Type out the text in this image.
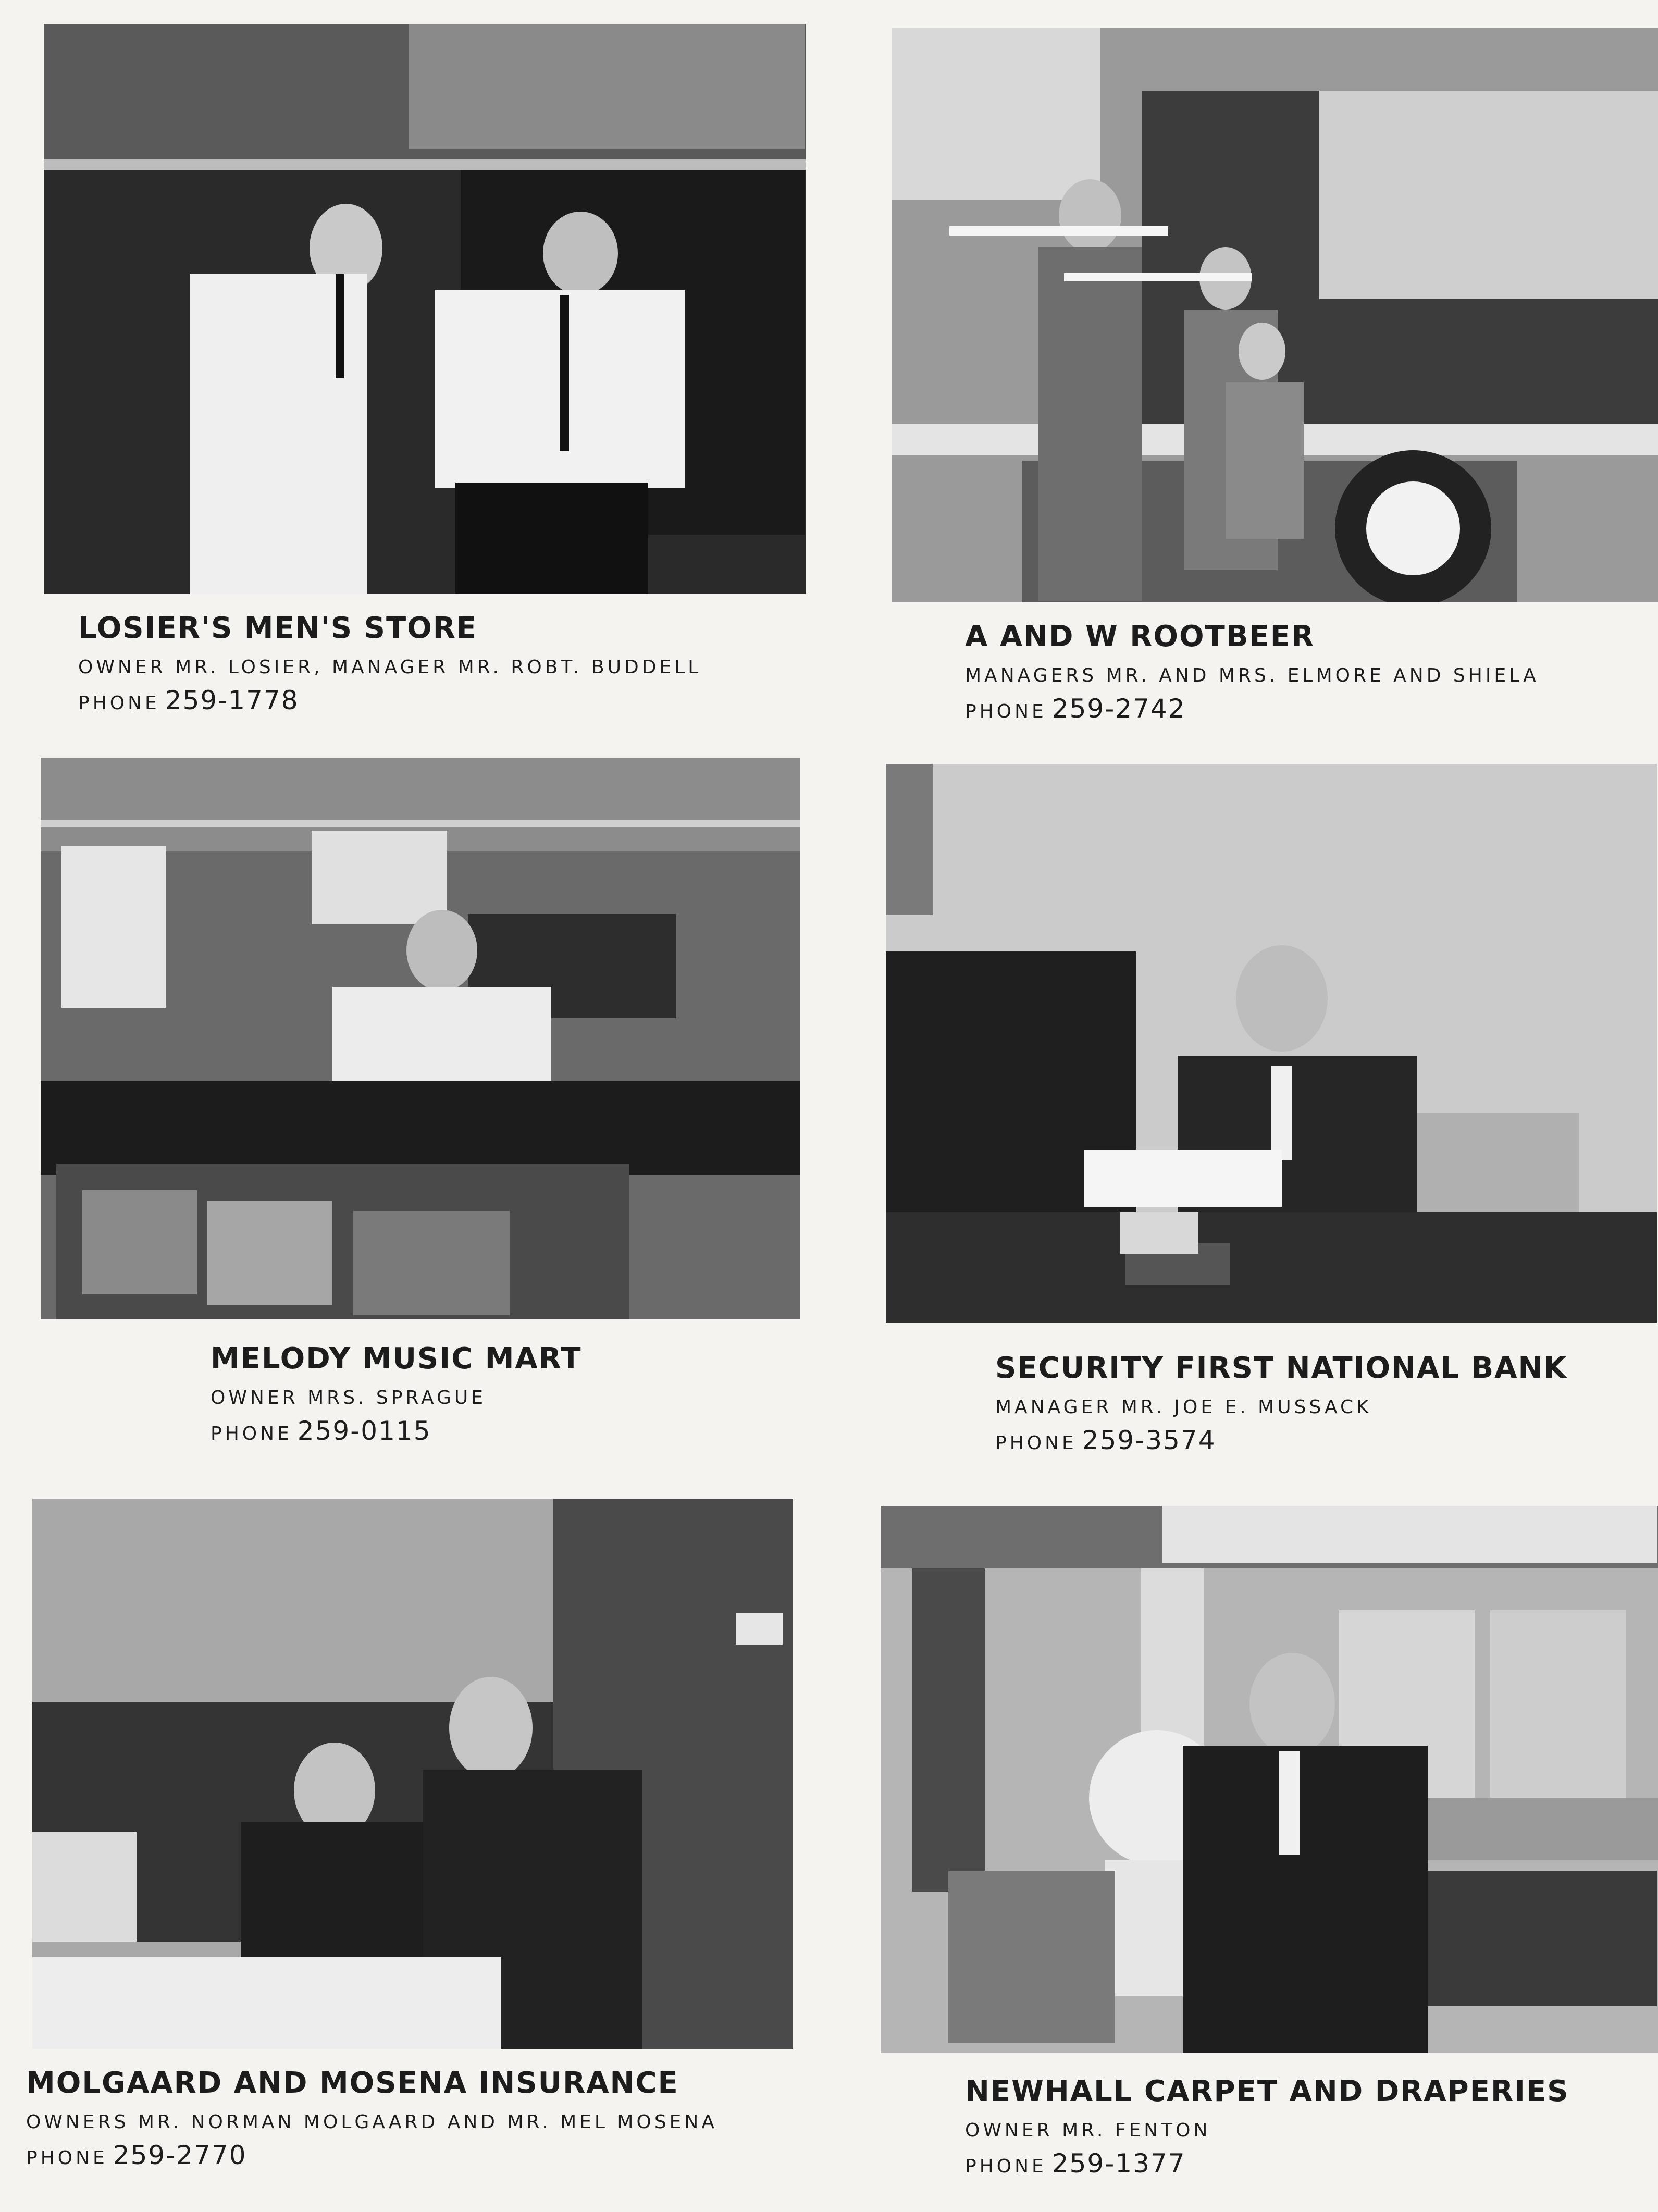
LOSIER'S MEN'S STORE
OWNER MR. LOSIER, MANAGER MR. ROBT. BUDDELL
PHONE 259-1778
A AND W ROOTBEER
MANAGERS MR. AND MRS. ELMORE AND SHIELA
PHONE 259-2742
MELODY MUSIC MART
OWNER MRS. SPRAGUE
PHONE 259-0115
SECURITY FIRST NATIONAL BANK
MANAGER MR. JOE E. MUSSACK
PHONE 259-3574
MOLGAARD AND MOSENA INSURANCE
OWNERS MR. NORMAN MOLGAARD AND MR. MEL MOSENA
PHONE 259-2770
NEWHALL CARPET AND DRAPERIES
OWNER MR. FENTON
PHONE 259-1377
